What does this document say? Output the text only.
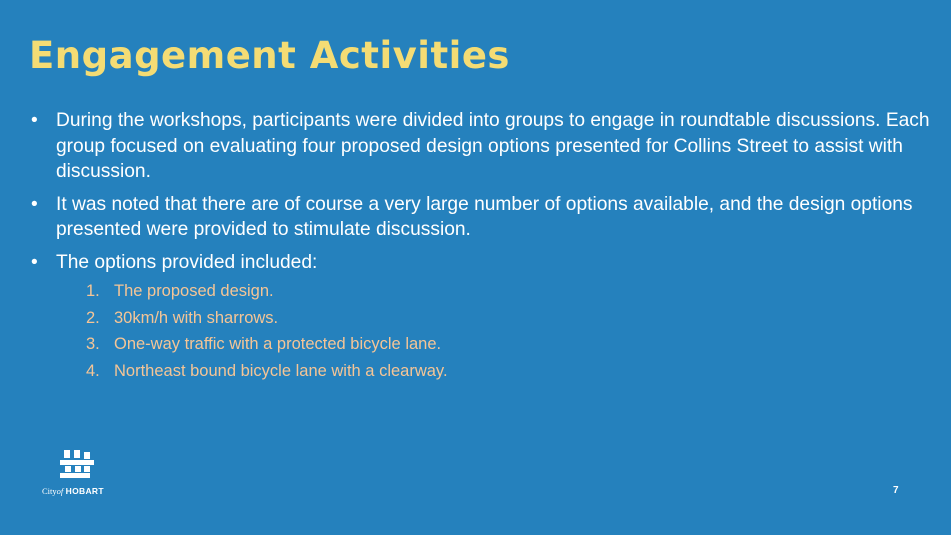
Engagement Activities
• During the workshops, participants were divided into groups to engage in roundtable discussions. Each group focused on evaluating four proposed design options presented for Collins Street to assist with discussion.
• It was noted that there are of course a very large number of options available, and the design options presented were provided to stimulate discussion.
• The options provided included:
1. The proposed design.
2. 30km/h with sharrows.
3. One-way traffic with a protected bicycle lane.
4. Northeast bound bicycle lane with a clearway.
Cityof HOBART	7
